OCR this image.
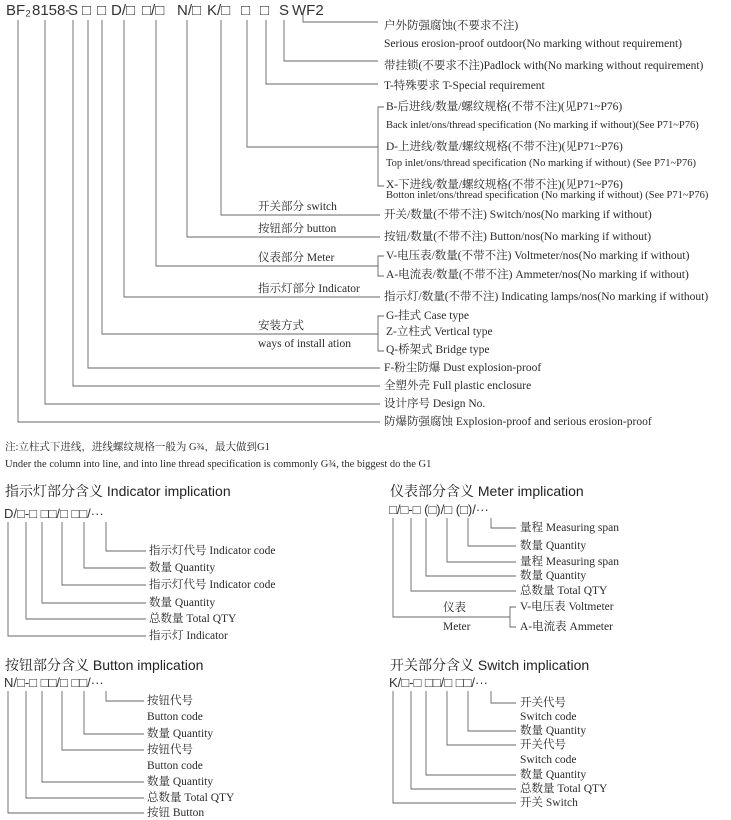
BF₂ 8158-
S □ □ D/□ □/□ N/□ K/□ □ □ S WF2
户外防强腐蚀(不要求不注)
Serious erosion-proof outdoor(No marking without requirement)
带挂锁(不要求不注)Padlock with(No marking without requirement)
T-特殊要求 T-Special requirement
B-后进线/数量/螺纹规格(不带不注)(见P71~P76)
Back inlet/ons/thread specification (No marking if without)(See P71~P76)
D-上进线/数量/螺纹规格(不带不注)(见P71~P76)
Top inlet/ons/thread specification (No marking if without) (See P71~P76)
X-下进线/数量/螺纹规格(不带不注)(见P71~P76)
Botton inlet/ons/thread specification (No marking if without) (See P71~P76)
开关部分 switch
开关/数量(不带不注) Switch/nos(No marking if without)
按钮部分 button
按钮/数量(不带不注) Button/nos(No marking if without)
仪表部分 Meter	V-电压表/数量(不带不注) Voltmeter/nos(No marking if without)
A-电流表/数量(不带不注) Ammeter/nos(No marking if without)
指示灯部分 Indicator
指示灯/数量(不带不注) Indicating lamps/nos(No marking if without)
安装方式
ways of install ation
G-挂式 Case type
Z-立柱式 Vertical type
Q-桥架式 Bridge type
F-粉尘防爆 Dust explosion-proof
全塑外壳 Full plastic enclosure
设计序号 Design No.
防爆防强腐蚀 Explosion-proof and serious erosion-proof
注:立柱式下进线，进线螺纹规格一般为 G¾，最大做到G1
Under the column into line, and into line thread specification is commonly G¾, the biggest do the G1
指示灯部分含义 Indicator implication
D/□-□ □□/□ □□/···
指示灯代号 Indicator code
数量 Quantity
指示灯代号 Indicator code
数量 Quantity
总数量 Total QTY
指示灯 Indicator
仪表部分含义 Meter implication
□/□-□ (□)/□ (□)/···
量程 Measuring span
数量 Quantity
量程 Measuring span
数量 Quantity
总数量 Total QTY
仪表
Meter
V-电压表 Voltmeter
A-电流表 Ammeter
按钮部分含义 Button implication
N/□-□ □□/□ □□/···
按钮代号
Button code
数量 Quantity
按钮代号
Button code
数量 Quantity
总数量 Total QTY
按钮 Button
开关部分含义 Switch implication
K/□-□ □□/□ □□/···
开关代号
Switch code
数量 Quantity
开关代号
Switch code
数量 Quantity
总数量 Total QTY
开关 Switch
